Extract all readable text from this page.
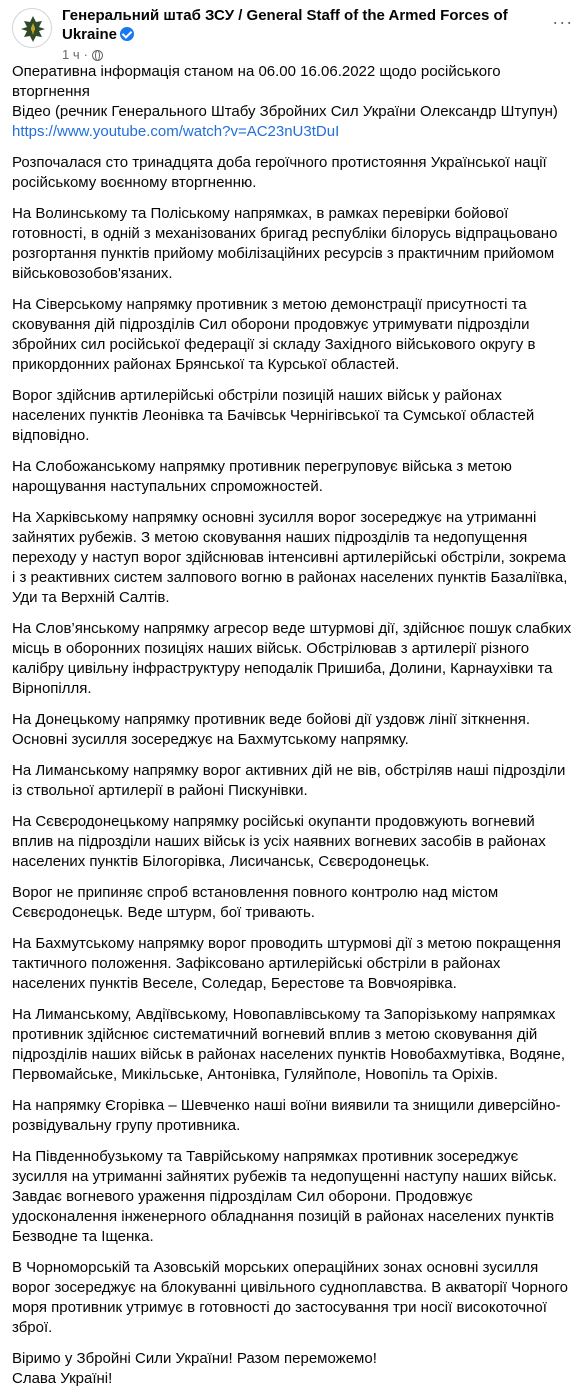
Генеральний штаб ЗСУ / General Staff of the Armed Forces of Ukraine
1 ч ·
···

Оперативна інформація станом на 06.00 16.06.2022 щодо російського вторгнення
Відео (речник Генерального Штабу Збройних Сил України Олександр Штупун)
https://www.youtube.com/watch?v=AC23nU3tDuI

Розпочалася сто тринадцята доба героїчного протистояння Української нації російському воєнному вторгненню.

На Волинському та Поліському напрямках, в рамках перевірки бойової готовності, в одній з механізованих бригад республіки білорусь відпрацьовано розгортання пунктів прийому мобілізаційних ресурсів з практичним прийомом військовозобов'язаних.

На Сіверському напрямку противник з метою демонстрації присутності та сковування дій підрозділів Сил оборони продовжує утримувати підрозділи збройних сил російської федерації зі складу Західного військового округу в прикордонних районах Брянської та Курської областей.

Ворог здійснив артилерійські обстріли позицій наших військ у районах населених пунктів Леонівка та Бачівськ Чернігівської та Сумської областей відповідно.

На Слобожанському напрямку противник перегруповує війська з метою нарощування наступальних спроможностей.

На Харківському напрямку основні зусилля ворог зосереджує на утриманні зайнятих рубежів. З метою сковування наших підрозділів та недопущення переходу у наступ ворог здійснював інтенсивні артилерійські обстріли, зокрема і з реактивних систем залпового вогню в районах населених пунктів Базаліївка, Уди та Верхній Салтів.

На Слов’янському напрямку агресор веде штурмові дії, здійснює пошук слабких місць в оборонних позиціях наших військ. Обстрілював з артилерії різного калібру цивільну інфраструктуру неподалік Пришиба, Долини, Карнаухівки та Вірнопілля.

На Донецькому напрямку противник веде бойові дії уздовж лінії зіткнення. Основні зусилля зосереджує на Бахмутському напрямку.

На Лиманському напрямку ворог активних дій не вів, обстріляв наші підрозділи із ствольної артилерії в районі Пискунівки.

На Сєвєродонецькому напрямку російські окупанти продовжують вогневий вплив на підрозділи наших військ із усіх наявних вогневих засобів в районах населених пунктів Білогорівка, Лисичанськ, Сєвєродонецьк.

Ворог не припиняє спроб встановлення повного контролю над містом Сєвєродонецьк. Веде штурм, бої тривають.

На Бахмутському напрямку ворог проводить штурмові дії з метою покращення тактичного положення. Зафіксовано артилерійські обстріли в районах населених пунктів Веселе, Соледар, Берестове та Вовчоярівка.

На Лиманському, Авдіївському, Новопавлівському та Запорізькому напрямках противник здійснює систематичний вогневий вплив з метою сковування дій підрозділів наших військ в районах населених пунктів Новобахмутівка, Водяне, Первомайське, Микільське, Антонівка, Гуляйполе, Новопіль та Оріхів.

На напрямку Єгорівка – Шевченко наші воїни виявили та знищили диверсійно-розвідувальну групу противника.

На Південнобузькому та Таврійському напрямках противник зосереджує зусилля на утриманні зайнятих рубежів та недопущенні наступу наших військ. Завдає вогневого ураження підрозділам Сил оборони. Продовжує удосконалення інженерного обладнання позицій в районах населених пунктів Безводне та Іщенка.

В Чорноморській та Азовській морських операційних зонах основні зусилля ворог зосереджує на блокуванні цивільного судноплавства. В акваторії Чорного моря противник утримує в готовності до застосування три носії високоточної зброї.

Віримо у Збройні Сили України! Разом переможемо!
Слава Україні!
